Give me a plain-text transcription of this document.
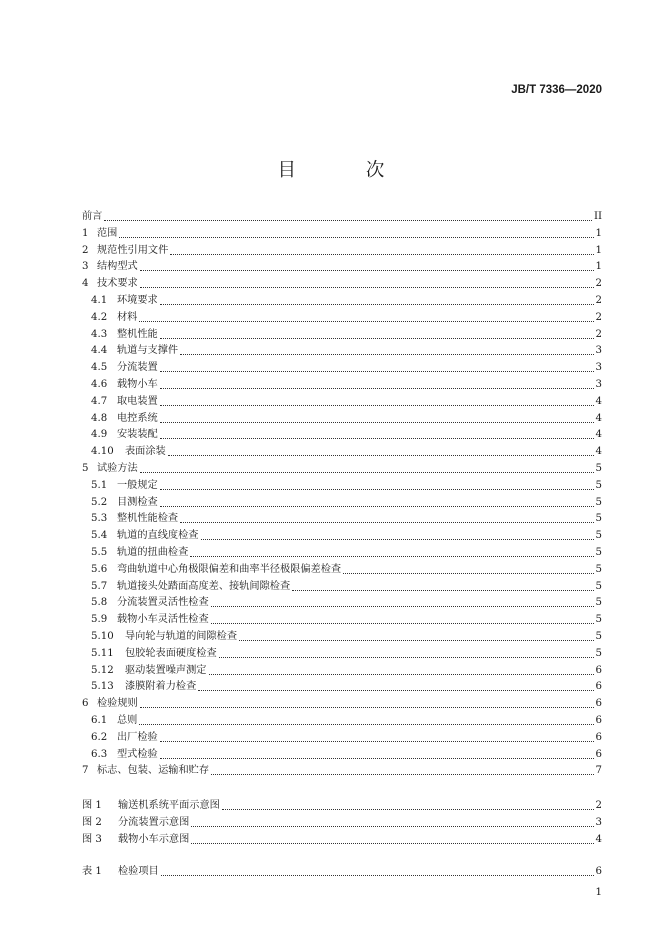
JB/T 7336—2020
目 次
前言	II
1 范围	1
2 规范性引用文件	1
3 结构型式	1
4 技术要求	2
4.1 环境要求	2
4.2 材料	2
4.3 整机性能	2
4.4 轨道与支撑件	3
4.5 分流装置	3
4.6 载物小车	3
4.7 取电装置	4
4.8 电控系统	4
4.9 安装装配	4
4.10	表面涂装	4
5 试验方法	5
5.1 一般规定	5
5.2 目测检查	5
5.3 整机性能检查	5
5.4 轨道的直线度检查	5
5.5 轨道的扭曲检查	5
5.6 弯曲轨道中心角极限偏差和曲率半径极限偏差检查	5
5.7 轨道接头处踏面高度差、接轨间隙检查	5
5.8 分流装置灵活性检查	5
5.9 载物小车灵活性检查	5
5.10	导向轮与轨道的间隙检查	5
5.11	包胶轮表面硬度检查	5
5.12	驱动装置噪声测定	6
5.13	漆膜附着力检查	6
6 检验规则	6
6.1 总则	6
6.2 出厂检验	6
6.3 型式检验	6
7 标志、包装、运输和贮存	7
图 1	输送机系统平面示意图	2
图 2	分流装置示意图	3
图 3	载物小车示意图	4
表 1	检验项目	6
1
